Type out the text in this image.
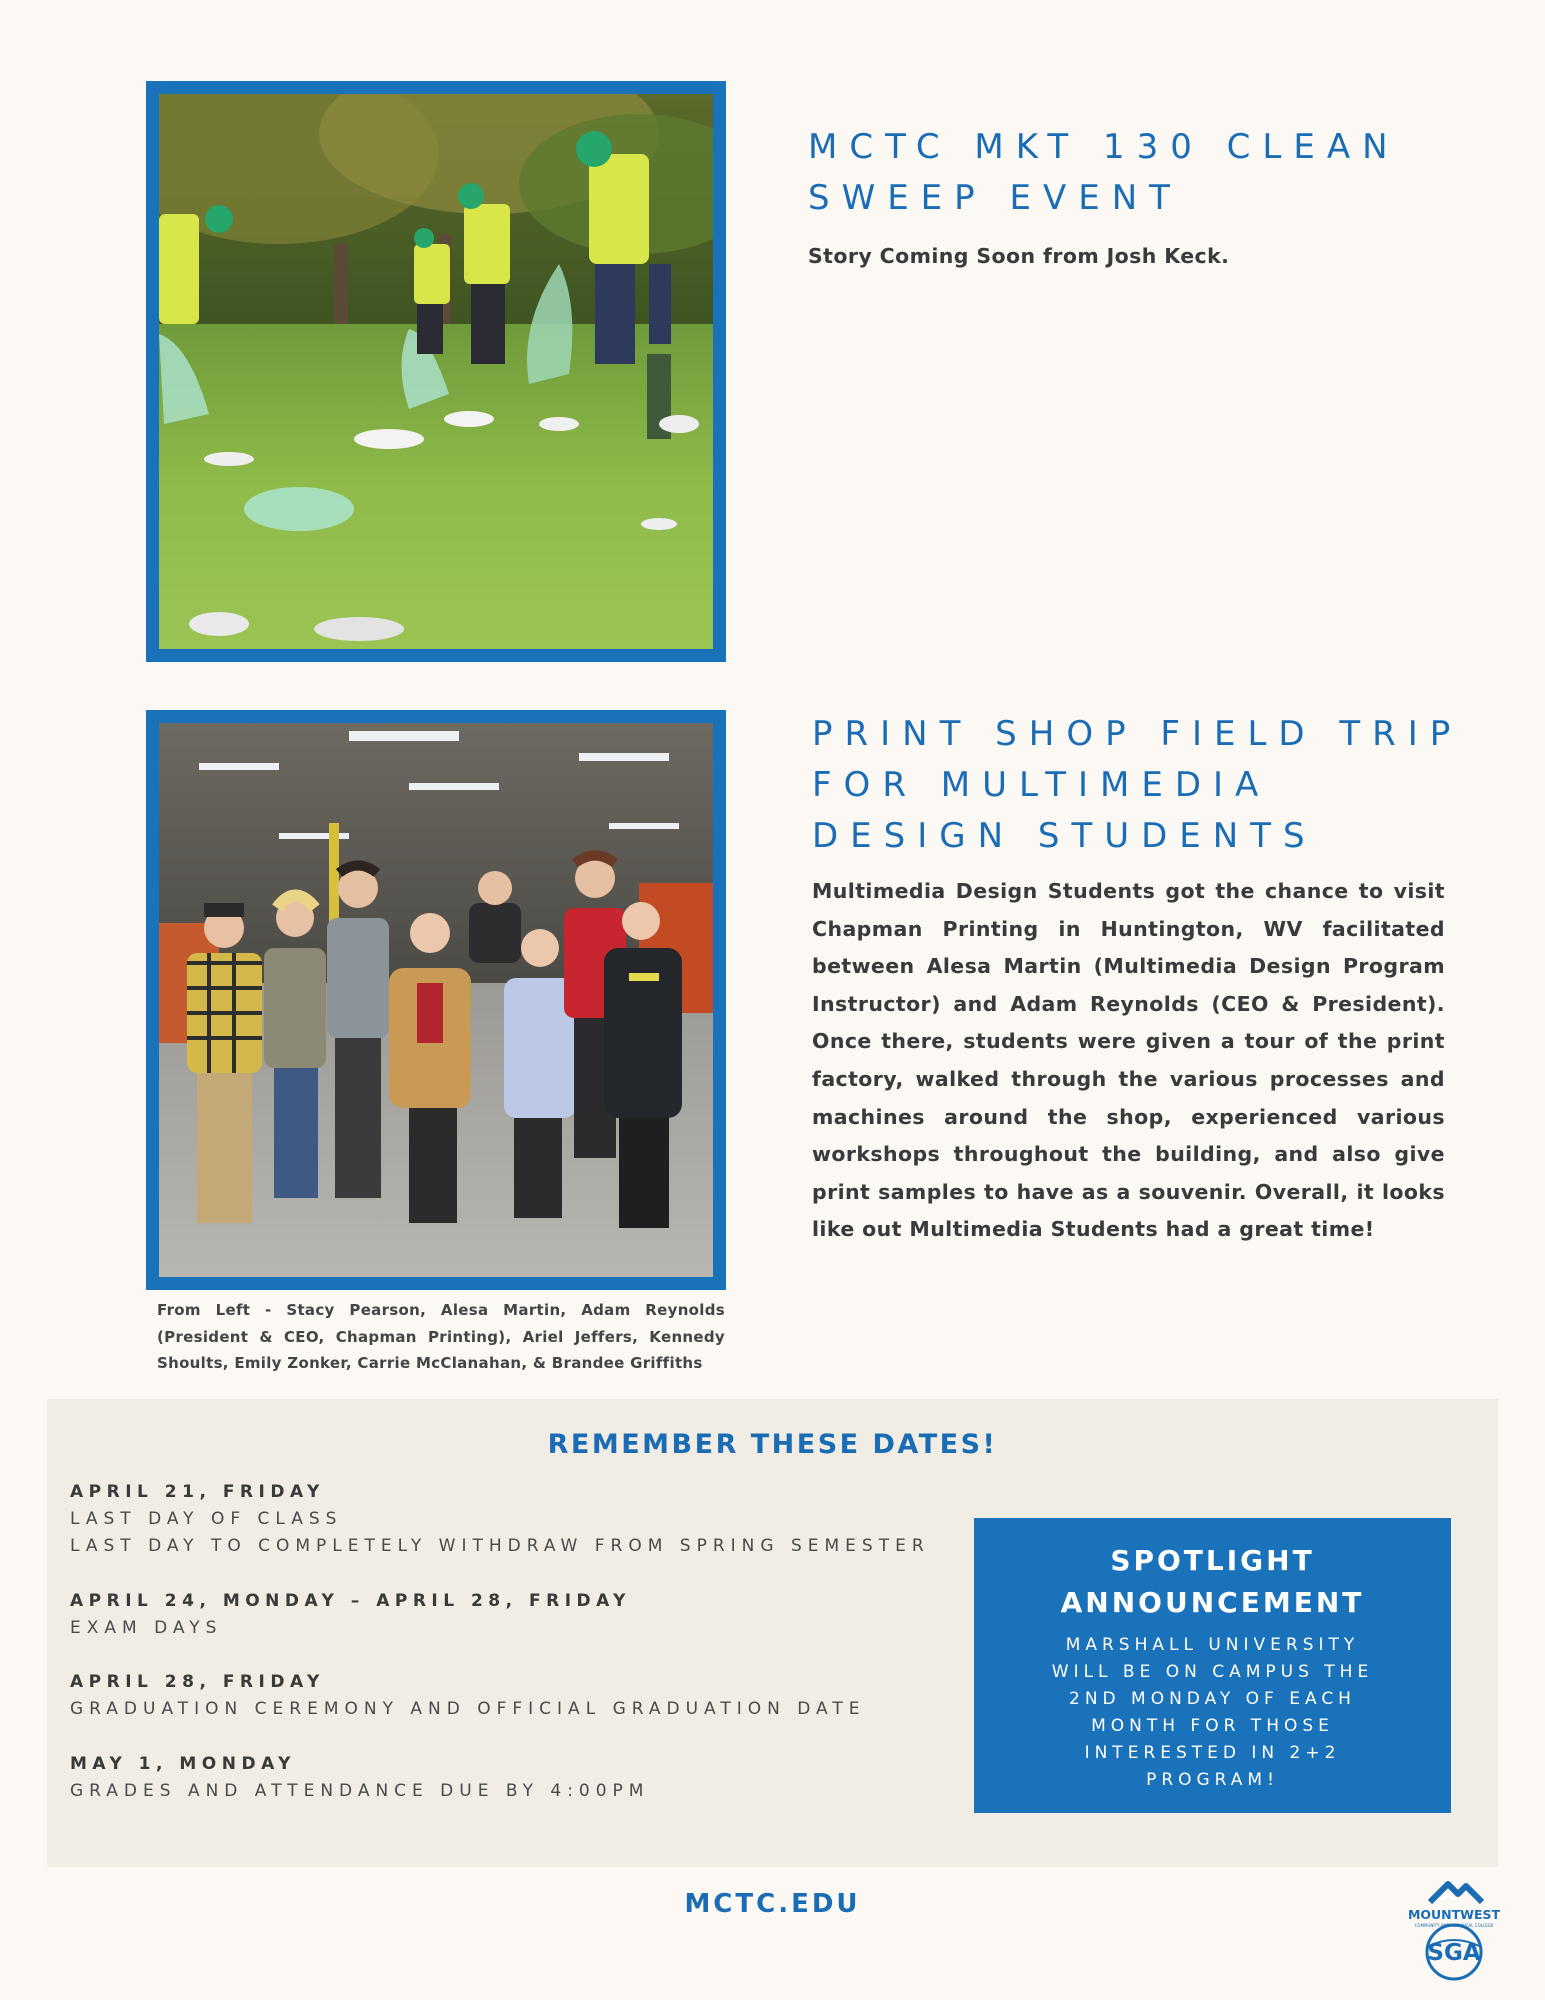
MCTC MKT 130 CLEAN SWEEP EVENT

Story Coming Soon from Josh Keck.

PRINT SHOP FIELD TRIP FOR MULTIMEDIA DESIGN STUDENTS

Multimedia Design Students got the chance to visit Chapman Printing in Huntington, WV facilitated between Alesa Martin (Multimedia Design Program Instructor) and Adam Reynolds (CEO & President). Once there, students were given a tour of the print factory, walked through the various processes and machines around the shop, experienced various workshops throughout the building, and also give print samples to have as a souvenir. Overall, it looks like out Multimedia Students had a great time!

From Left - Stacy Pearson, Alesa Martin, Adam Reynolds (President & CEO, Chapman Printing), Ariel Jeffers, Kennedy Shoults, Emily Zonker, Carrie McClanahan, & Brandee Griffiths

REMEMBER THESE DATES!
APRIL 21, FRIDAY
LAST DAY OF CLASS
LAST DAY TO COMPLETELY WITHDRAW FROM SPRING SEMESTER
APRIL 24, MONDAY – APRIL 28, FRIDAY
EXAM DAYS
APRIL 28, FRIDAY
GRADUATION CEREMONY AND OFFICIAL GRADUATION DATE
MAY 1, MONDAY
GRADES AND ATTENDANCE DUE BY 4:00PM
SPOTLIGHT ANNOUNCEMENT
MARSHALL UNIVERSITY WILL BE ON CAMPUS THE 2ND MONDAY OF EACH MONTH FOR THOSE INTERESTED IN 2+2 PROGRAM!
MCTC.EDU	MOUNTWEST
COMMUNITY AND TECHNICAL COLLEGE
SGA
